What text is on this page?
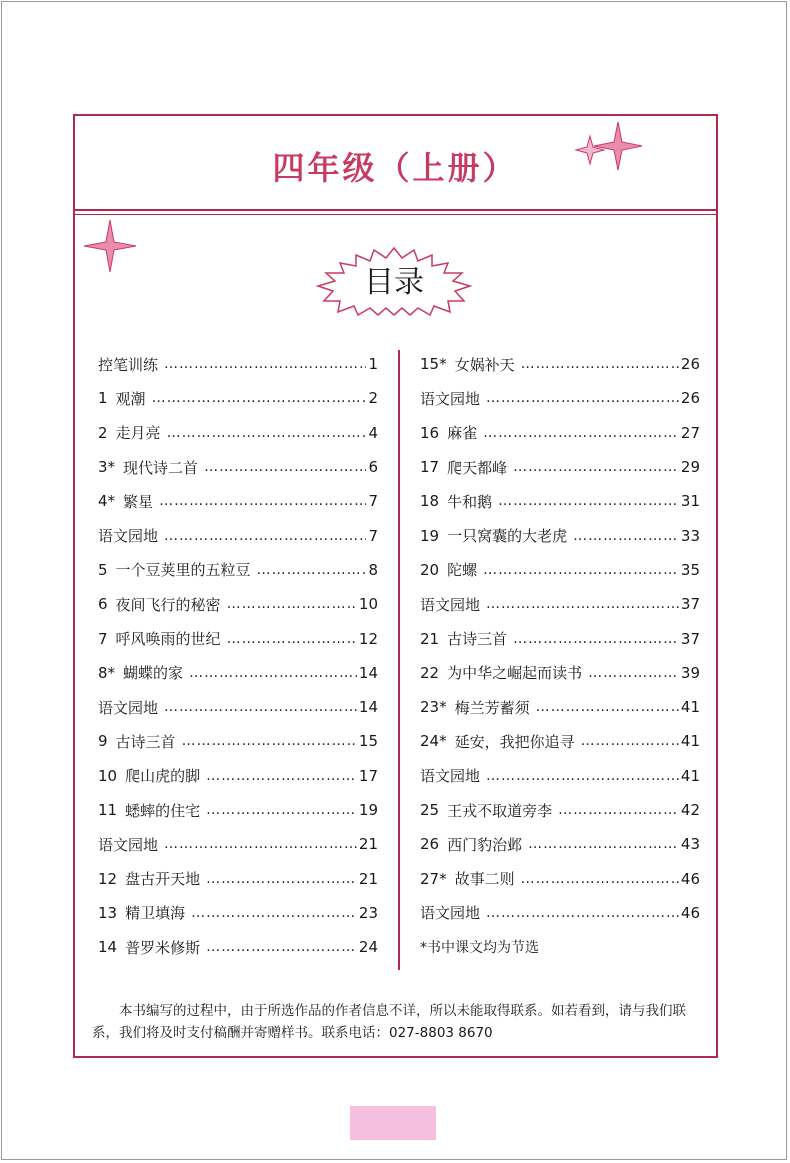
四年级（上册）
目录
控笔训练 …………………………………………………………………………………………	1
1 观潮 …………………………………………………………………………………………	2
2 走月亮 …………………………………………………………………………………………	4
3* 现代诗二首 …………………………………………………………………………………………	6
4* 繁星 …………………………………………………………………………………………	7
语文园地 …………………………………………………………………………………………	7
5 一个豆荚里的五粒豆 …………………………………………………………………………………………	8
6 夜间飞行的秘密 …………………………………………………………………………………………	10
7 呼风唤雨的世纪 …………………………………………………………………………………………	12
8* 蝴蝶的家 …………………………………………………………………………………………	14
语文园地 …………………………………………………………………………………………	14
9 古诗三首 …………………………………………………………………………………………	15
10 爬山虎的脚 …………………………………………………………………………………………	17
11 蟋蟀的住宅 …………………………………………………………………………………………	19
语文园地 …………………………………………………………………………………………	21
12 盘古开天地 …………………………………………………………………………………………	21
13 精卫填海 …………………………………………………………………………………………	23
14 普罗米修斯 …………………………………………………………………………………………	24
15* 女娲补天 …………………………………………………………………………………………	26
语文园地 …………………………………………………………………………………………	26
16 麻雀 …………………………………………………………………………………………	27
17 爬天都峰 …………………………………………………………………………………………	29
18 牛和鹅 …………………………………………………………………………………………	31
19 一只窝囊的大老虎 …………………………………………………………………………………………	33
20 陀螺 …………………………………………………………………………………………	35
语文园地 …………………………………………………………………………………………	37
21 古诗三首 …………………………………………………………………………………………	37
22 为中华之崛起而读书 …………………………………………………………………………………………	39
23* 梅兰芳蓄须 …………………………………………………………………………………………	41
24* 延安，我把你追寻 …………………………………………………………………………………………	41
语文园地 …………………………………………………………………………………………	41
25 王戎不取道旁李 …………………………………………………………………………………………	42
26 西门豹治邺 …………………………………………………………………………………………	43
27* 故事二则 …………………………………………………………………………………………	46
语文园地 …………………………………………………………………………………………	46
*书中课文均为节选
本书编写的过程中，由于所选作品的作者信息不详，所以未能取得联系。如若看到，请与我们联系，我们将及时支付稿酬并寄赠样书。联系电话：027-8803 8670
